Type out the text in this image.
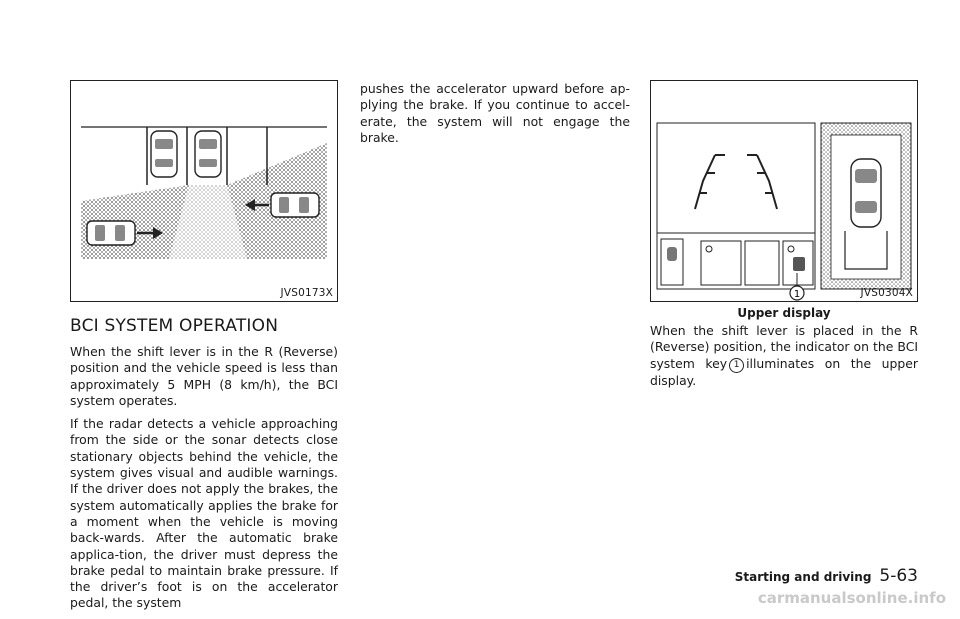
JVS0173X	1	JVS0304X
Upper display
BCI SYSTEM OPERATION

When the shift lever is in the R (Reverse) position and the vehicle speed is less than approximately 5 MPH (8 km/h), the BCI system operates.

If the radar detects a vehicle approaching from the side or the sonar detects close stationary objects behind the vehicle, the system gives visual and audible warnings. If the driver does not apply the brakes, the system automatically applies the brake for a moment when the vehicle is moving back-wards. After the automatic brake applica-tion, the driver must depress the brake pedal to maintain brake pressure. If the driver’s foot is on the accelerator pedal, the system

pushes the accelerator upward before ap-plying the brake. If you continue to accel-erate, the system will not engage the brake.

When the shift lever is placed in the R (Reverse) position, the indicator on the BCI system key 1 illuminates on the upper display.

Starting and driving 5-63
carmanualsonline.info
